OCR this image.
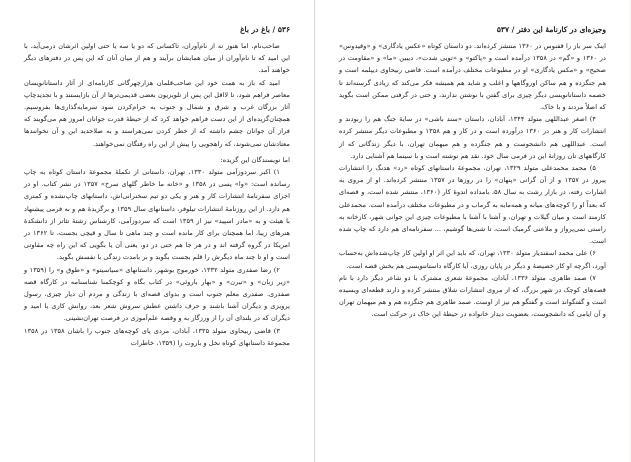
۵۳۶ / باغ در باغ

صاحب‌نام، اما هنوز نه از نام‌آوران، تاکسانی که دو یا سه یا حتی اولین اثرشان درمی‌آید، با این امید که تا نام‌آوران از میان همایشان برآیند و هم از میان آنان که این پس در دفترهای دیگر خواهند آمد.

امید که باز به همت خود این صاحب‌قلمان هزارچهرگانی کارنامه‌ای از آثار داستانانویسان معاصر فراهم شود، تا لااقل این پس از تلویزیون بعضی قدیمی‌ترها از آن بازایستند و با تجدیدچاپ آثار بزرگان غرب و شرق و شمال و جنوب به حرام‌کردن سود سرمایه‌گذاری‌ها بفروسیم. همچنان‌گزیده‌ای از این دست فراهم خواهد کرد که از حیطهٔ قدرت جوانان امروز هم می‌گویند که فراز آن جوانان چشم داشته که از خطر کردن نمی‌هراسند و به صلاحدید این و آن نخوانندها معتادشان نمی‌شوند، که راهجویی را پیش از این راه رفتگان نمی‌خواهند.

اما نویسندگان این گزیده:

۱) اکبر سردوزآمی متولد ۱۳۳۰، تهران، داستانی از تکملهٔ مجموعهٔ داستان کوتاه به چاپ رسانده است: «وا» پسی در ۱۳۵۸ و «خانه ما خاطر گلهای سرخ» ۱۳۵۷ در نشر کتاب. او در اجرای سفرنامهٔ انتشارات کار و هنر و یکی دو تیم سخنرانی‌اش، داستانهای چاپ‌نشده و کمتری هم دارد. از این روزنامهٔ انتشارات تیلوفر، داستانهای سال ۱۳۵۹ و برگزیدهٔ هم و به فرمی پیشنهاد با هیئت و به «مادر اسپید» نیز از ۱۳۵۹ است که سردوزآمی، کارشناس رشتهٔ تئاتر از دانشکدهٔ هنرهای زیبا، اما همچنان برای کار مانده است و چند ماهی تا سال و قیچی بجست، تا ۱۳۶۲ در امریکا در گروه گرفته اند و در هر جا هم حتی در دو، یعنی آن یا بگویی که این راه چه مقاوتی است و او تا چند ماه دیگرش را قلم بجست بگوید و بر بامدت زندگی با نفسش بگوید.

۲) رضا صفدری متولد ۱۳۳۲، خورموج بوشهر. داستانهای «سیاسیتو» و «طوق و» را (۱۳۵۹ و «زیر زبان» و «تیرن» و «بهار باروئی» در کتاب بگاه و کوچکمنا شناسنامه در کارگاه قصه صفدری. صفدری معلم جنوب است و بدوای قصه‌ای با زندگی و مردم آن دیار چیزی، رسول پرویزی و دیگران آشنا باشند و حرف داشتن عطش سروش شعر بعد، روانش کاری با امید و دیگران که در بلندای آن را از ورزگار به و وقصه علم‌آموزی در فرصت تهران‌نشینی.

۳) قاضی ربیحاوی متولد ۱۳۳۵، آبادان، مردی پای کوچه‌های جنوب را باشان ۱۳۵۸ در ۱۳۵۸ مجموعهٔ داستانهای کوتاه نخل و باروت را (۱۳۵۹، خاطرات

وجیزه‌ای در کارنامهٔ این دفتر / ۵۳۷

اینک سر باز را قفنوس در ۱۳۶۰ منتشر کرده‌اند. دو داستان کوتاه «عکس یادگاری» و «وقیدوس» در ۱۳۶۰ و «گم» در ۱۳۵۸ درآمده است و «پاکتو» و «تویی شدت»، دیبین «ما» و «مقاومت در صحیح» و «مکس یادگاری» او در مطبوعات مختلف درآمده است. قاضی ربیحاوی دیپلمه است و هم جنگزده و هم ساکن اوروگاهها و اغلب و شاید هم همیشه فکر می‌کند که زیادی گرسنه‌اند تا خصمه داستانانویسی دیگر چیزی برای گفتن با نوشتن ندارند، و حتی در گرفتی ممکن است بگوید که اصلاً مردند و با خاک.

۴) اصغر عبداللهی متولد ۱۳۴۴، آبادان، داستان «سند باشی» در سایهٔ جنگ هم را ربودند و انتشارات کار و هنر در ۱۳۶۰ درآورده است و در کار و هم ۱۳۵۸ و مطبوعات دیگر منتشر کرده است. عبداللهی هم دانشجوست و هم جنگزده و هم میهمان تهران، با دیگر زندگانی که از کارگاههای تان روزانهٔ این در فرمی سال خود. نقد هم نوشته است و با سینما هم آشنایی دارد.

۵) محمد محمدعلی متولد ۱۳۲۹، تهران، مجموعهٔ داستانهای کوتاه «رد» هدنگ را انتشارات پیروز در ۱۳۵۷ و از آن گراتی «پنهان» را در روزها در ۱۳۵۷ منتشر کرده‌اند. او از مروی به اشارات رفته، در بازار رشت به سال ۵۸، بامداده اندوهٔ کار (۱۳۶۰، منتشر شده است، و قصه‌ای که بعداً او را کوچه‌های میانه و همه‌مایه به گرماب و در مطبوعات مختلف درآمده است. محمدعلی کارمند است و میان گیلات و تهران، و آشنا با آشنا با مطبوعات چیزی این جوانی شهر، کارخانه به راستی نمی‌پرواز و ملاعنی گرمیک است، تا شبی‌ها گوشیم، ... سفرنامه‌ای هم دارد که چاپ شده است.

۶) علی محمد اسفندیار متولد ۱۳۳۰، تهران، که باید این اثر او اولین کار چاپ‌شده‌اش به‌حساب آورد، اگرچه او کار خصیصهٔ و دیگر در پایان روزی، آیا کارگاه داستاننویسی هم بخش قصه است.

۷) صمد طاهری، متولد ۱۳۳۶، آبادان، مجموعهٔ شعری مشترک با دو شاعر دیگر دارد با نام قصه‌های کوچک در شهر بزرگ، که از مروی انتشارات شلاق منتشر کرده و دارند قطعه‌ای ویسیده است و گفتگو‌اند است و گفتگو هم نیز از اوست. صمد طاهری هم جنگزده هم و هم میهمان تهران و آن ایامی که دانشجوست، بعضویت دیدار خانواده در حیطهٔ این خاک در حرکت است.
